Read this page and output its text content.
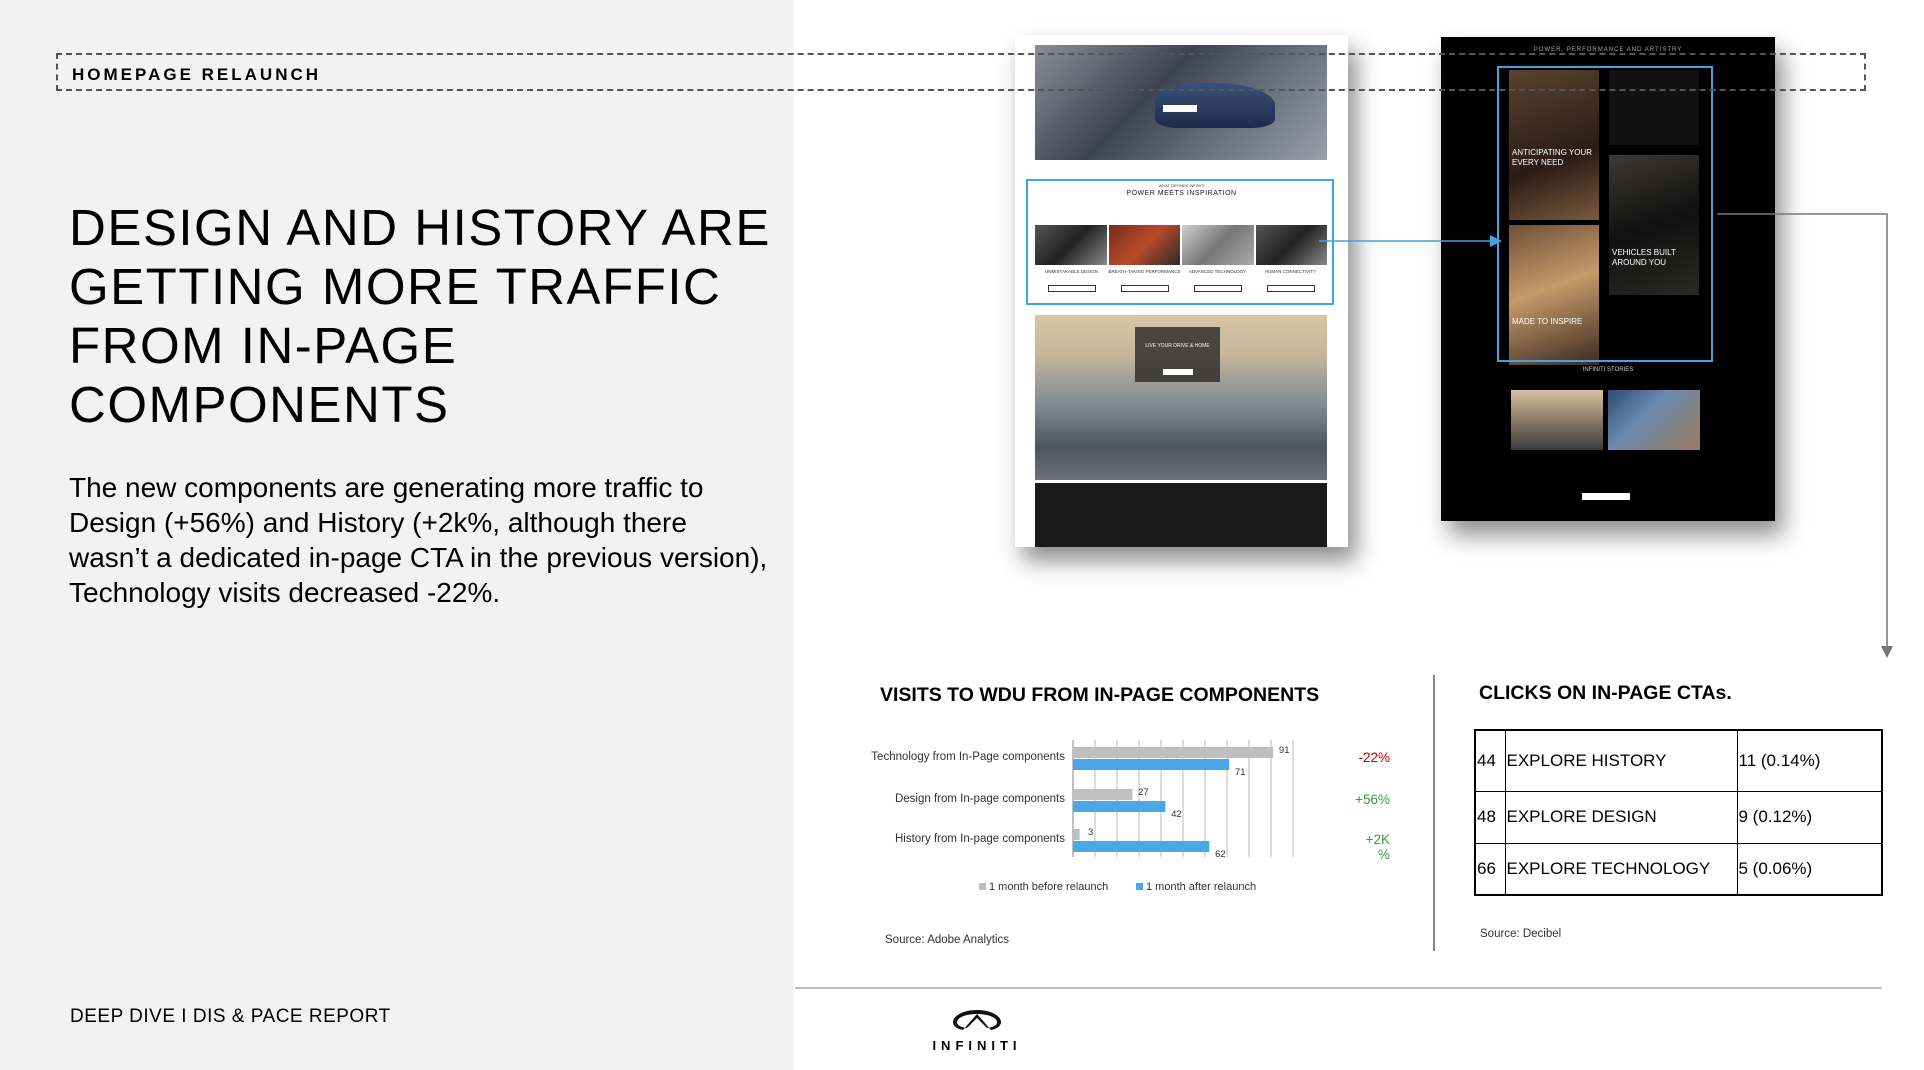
DESIGN AND HISTORY ARE GETTING MORE TRAFFIC FROM IN-PAGE COMPONENTS
The new components are generating more traffic to Design (+56%) and History (+2k%, although there wasn’t a dedicated in-page CTA in the previous version), Technology visits decreased -22%.
DEEP DIVE I DIS & PACE REPORT
WHAT DEFINES INFINITI
POWER MEETS INSPIRATION
UNMISTAKABLE DESIGN	BREATH-TAKING PERFORMANCE	ADVANCED TECHNOLOGY	HUMAN CONNECTIVITY
LIVE YOUR DRIVE & HOME
POWER, PERFORMANCE AND ARTISTRY
ANTICIPATING YOUR EVERY NEED
VEHICLES BUILT AROUND YOU
MADE TO INSPIRE
INFINITI STORIES
HOMEPAGE RELAUNCH
VISITS TO WDU FROM IN-PAGE COMPONENTS
Technology from In-Page components
91
71
-22%
Design from In-page components
27
42
+56%
History from In-page components
3
62
+2K
%
1 month before relaunch	1 month after relaunch
Source: Adobe Analytics
CLICKS ON IN-PAGE CTAs.
44	EXPLORE HISTORY	11 (0.14%)
48	EXPLORE DESIGN	9 (0.12%)
66	EXPLORE TECHNOLOGY	5 (0.06%)
Source: Decibel
INFINITI
